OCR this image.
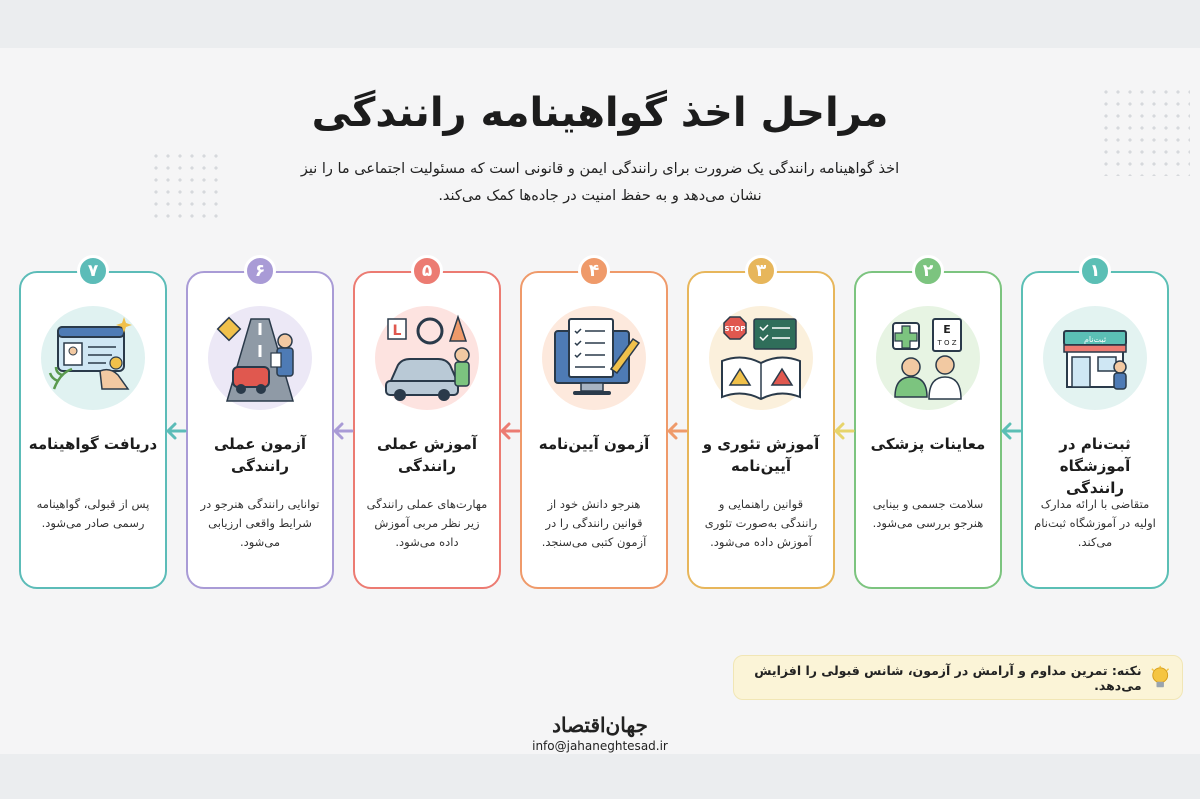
مراحل اخذ گواهینامه رانندگی
اخذ گواهینامه رانندگی یک ضرورت برای رانندگی ایمن و قانونی است که مسئولیت اجتماعی ما را نیز نشان می‌دهد و به حفظ امنیت در جاده‌ها کمک می‌کند.
۱
ثبت‌نام
ثبت‌نام در آموزشگاه رانندگی
متقاضی با ارائه مدارک اولیه در آموزشگاه ثبت‌نام می‌کند.
۲
E
T O Z
معاینات پزشکی
سلامت جسمی و بینایی هنرجو بررسی می‌شود.
۳
STOP
آموزش تئوری و آیین‌نامه
قوانین راهنمایی و رانندگی به‌صورت تئوری آموزش داده می‌شود.
۴
آزمون آیین‌نامه
هنرجو دانش خود از قوانین رانندگی را در آزمون کتبی می‌سنجد.
۵
L
آموزش عملی رانندگی
مهارت‌های عملی رانندگی زیر نظر مربی آموزش داده می‌شود.
۶
آزمون عملی رانندگی
توانایی رانندگی هنرجو در شرایط واقعی ارزیابی می‌شود.
۷
دریافت گواهینامه
پس از قبولی، گواهینامه رسمی صادر می‌شود.
نکته: تمرین مداوم و آرامش در آزمون، شانس قبولی را افزایش می‌دهد.
جهان‌اقتصاد
info@jahaneghtesad.ir
